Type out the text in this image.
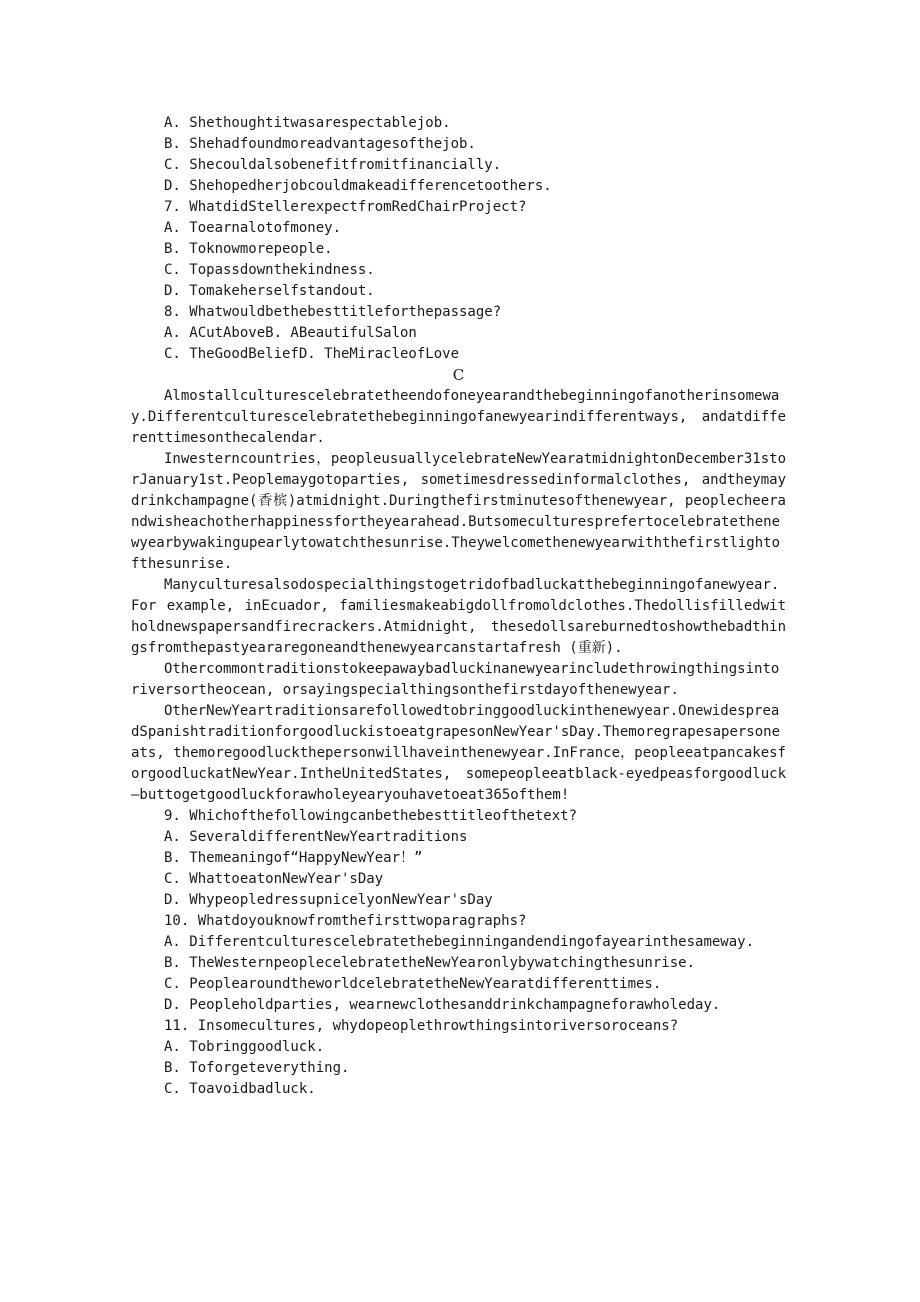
A. Shethoughtitwasarespectablejob.

B. Shehadfoundmoreadvantagesofthejob.

C. Shecouldalsobenefitfromitfinancially.

D. Shehopedherjobcouldmakeadifferencetoothers.

7. WhatdidStellerexpectfromRedChairProject?

A. Toearnalotofmoney.

B. Toknowmorepeople.

C. Topassdownthekindness.

D. Tomakeherselfstandout.

8. Whatwouldbethebesttitleforthepassage?

A. ACutAboveB. ABeautifulSalon

C. TheGoodBeliefD. TheMiracleofLove

C

Almostallculturescelebratetheendofoneyearandthebeginningofanotherinsomeway.Differentculturescelebratethebeginningofanewyearindifferentways, andatdifferenttimesonthecalendar.

Inwesterncountries，peopleusuallycelebrateNewYearatmidnightonDecember31storJanuary1st.Peoplemaygotoparties, sometimesdressedinformalclothes, andtheymaydrinkchampagne(香槟)atmidnight.Duringthefirstminutesofthenewyear, peoplecheerandwisheachotherhappinessfortheyearahead.Butsomeculturesprefertocelebratethenewyearbywakingupearlytowatchthesunrise.Theywelcomethenewyearwiththefirstlightofthesunrise.

Manyculturesalsodospecialthingstogetridofbadluckatthebeginningofanewyear.For example, inEcuador, familiesmakeabigdollfromoldclothes.Thedollisfilledwitholdnewspapersandfirecrackers.Atmidnight, thesedollsareburnedtoshowthebadthingsfromthepastyeararegoneandthenewyearcanstartafresh (重新).

Othercommontraditionstokeepawaybadluckinanewyearincludethrowingthingsintoriversortheocean, orsayingspecialthingsonthefirstdayofthenewyear.

OtherNewYeartraditionsarefollowedtobringgoodluckinthenewyear.OnewidespreadSpanishtraditionforgoodluckistoeatgrapesonNewYear'sDay.Themoregrapesapersoneats, themoregoodluckthepersonwillhaveinthenewyear.InFrance，peopleeatpancakesforgoodluckatNewYear.IntheUnitedStates, somepeopleeatblack-eyedpeasforgoodluck—buttogetgoodluckforawholeyearyouhavetoeat365ofthem!

9. Whichofthefollowingcanbethebesttitleofthetext?

A. SeveraldifferentNewYeartraditions

B. Themeaningof“HappyNewYear！”

C. WhattoeatonNewYear'sDay

D. WhypeopledressupnicelyonNewYear'sDay

10. Whatdoyouknowfromthefirsttwoparagraphs?

A. Differentculturescelebratethebeginningandendingofayearinthesameway.

B. TheWesternpeoplecelebratetheNewYearonlybywatchingthesunrise.

C. PeoplearoundtheworldcelebratetheNewYearatdifferenttimes.

D. Peopleholdparties, wearnewclothesanddrinkchampagneforawholeday.

11. Insomecultures, whydopeoplethrowthingsintoriversoroceans?

A. Tobringgoodluck.

B. Toforgeteverything.

C. Toavoidbadluck.
